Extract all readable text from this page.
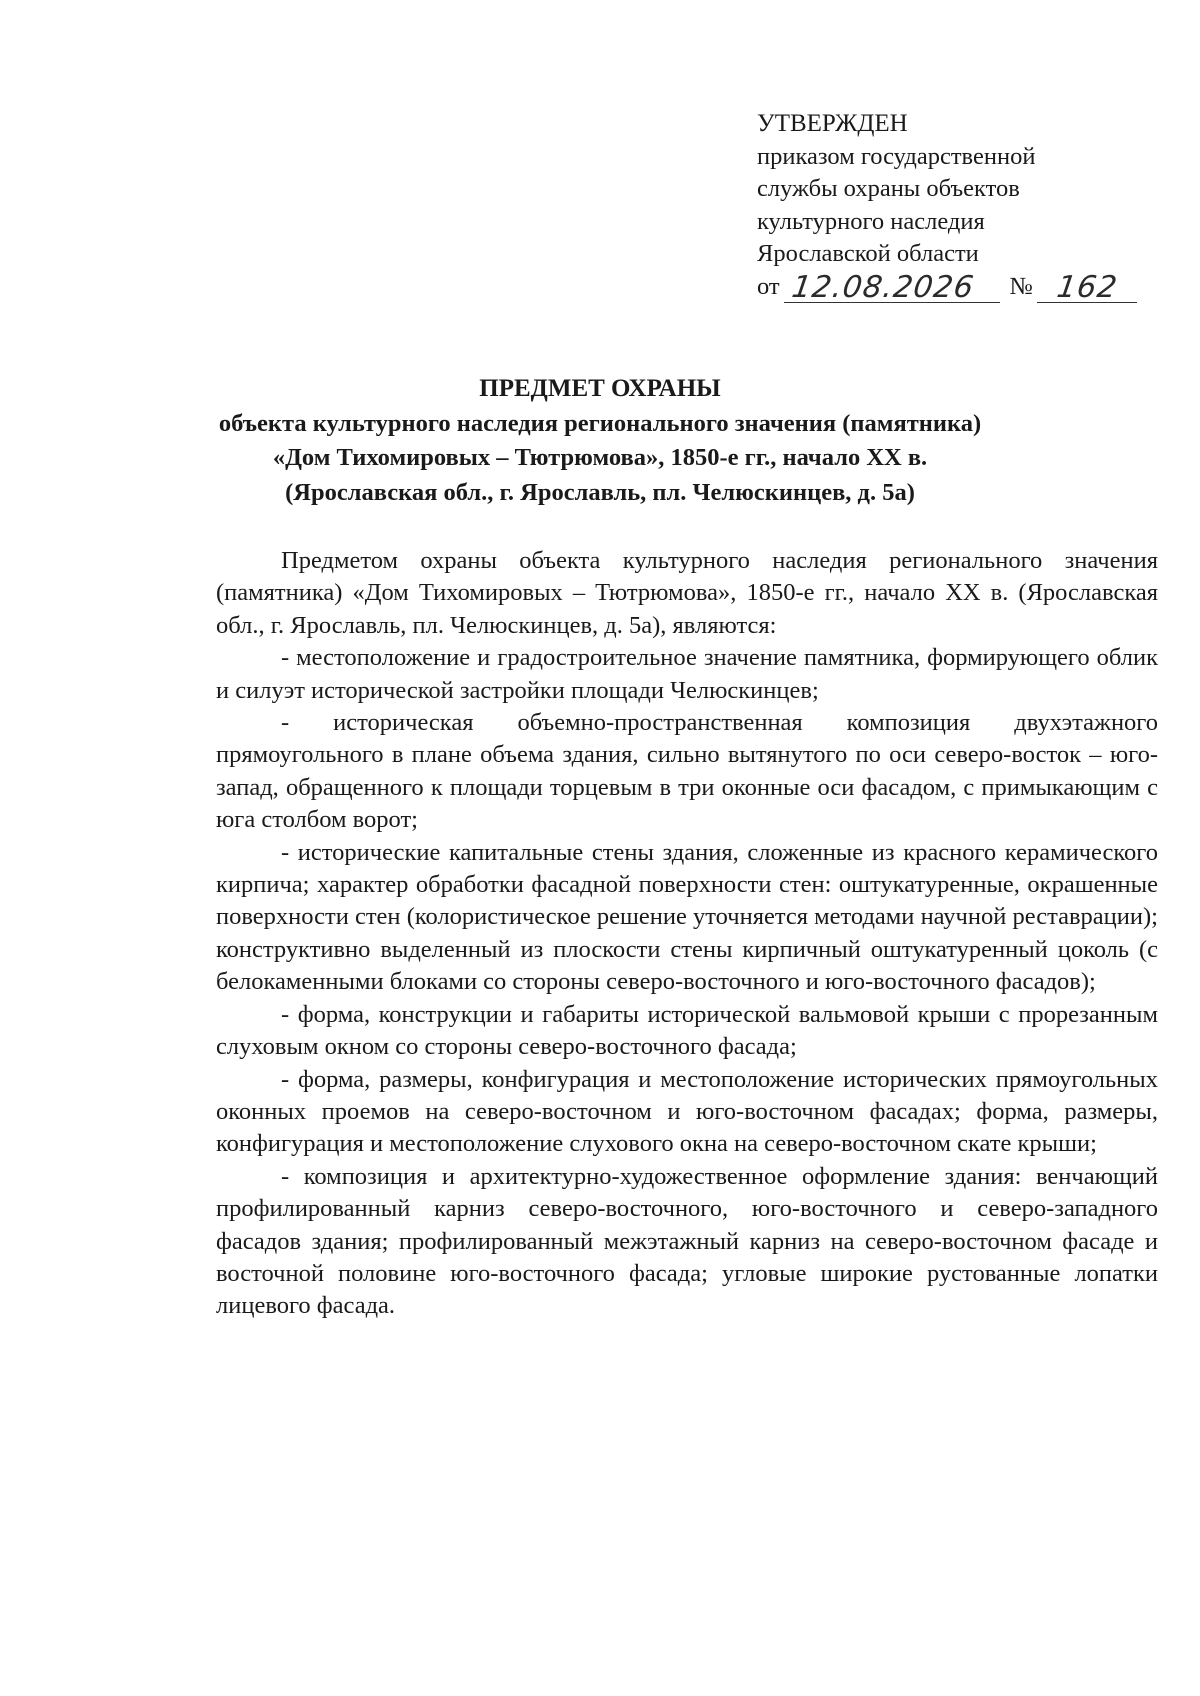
УТВЕРЖДЕН
приказом государственной
службы охраны объектов
культурного наследия
Ярославской области
от 12.08.2026 № 162
ПРЕДМЕТ ОХРАНЫ
объекта культурного наследия регионального значения (памятника)
«Дом Тихомировых – Тютрюмова», 1850-е гг., начало XX в.
(Ярославская обл., г. Ярославль, пл. Челюскинцев, д. 5а)

Предметом охраны объекта культурного наследия регионального значения (памятника) «Дом Тихомировых – Тютрюмова», 1850-е гг., начало XX в. (Ярославская обл., г. Ярославль, пл. Челюскинцев, д. 5а), являются:

- местоположение и градостроительное значение памятника, формирующего облик и силуэт исторической застройки площади Челюскинцев;

- историческая объемно-пространственная композиция двухэтажного прямоугольного в плане объема здания, сильно вытянутого по оси северо-восток – юго-запад, обращенного к площади торцевым в три оконные оси фасадом, с примыкающим с юга столбом ворот;

- исторические капитальные стены здания, сложенные из красного керамического кирпича; характер обработки фасадной поверхности стен: оштукатуренные, окрашенные поверхности стен (колористическое решение уточняется методами научной реставрации); конструктивно выделенный из плоскости стены кирпичный оштукатуренный цоколь (с белокаменными блоками со стороны северо-восточного и юго-восточного фасадов);

- форма, конструкции и габариты исторической вальмовой крыши с прорезанным слуховым окном со стороны северо-восточного фасада;

- форма, размеры, конфигурация и местоположение исторических прямоугольных оконных проемов на северо-восточном и юго-восточном фасадах; форма, размеры, конфигурация и местоположение слухового окна на северо-восточном скате крыши;

- композиция и архитектурно-художественное оформление здания: венчающий профилированный карниз северо-восточного, юго-восточного и северо-западного фасадов здания; профилированный межэтажный карниз на северо-восточном фасаде и восточной половине юго-восточного фасада; угловые широкие рустованные лопатки лицевого фасада.
